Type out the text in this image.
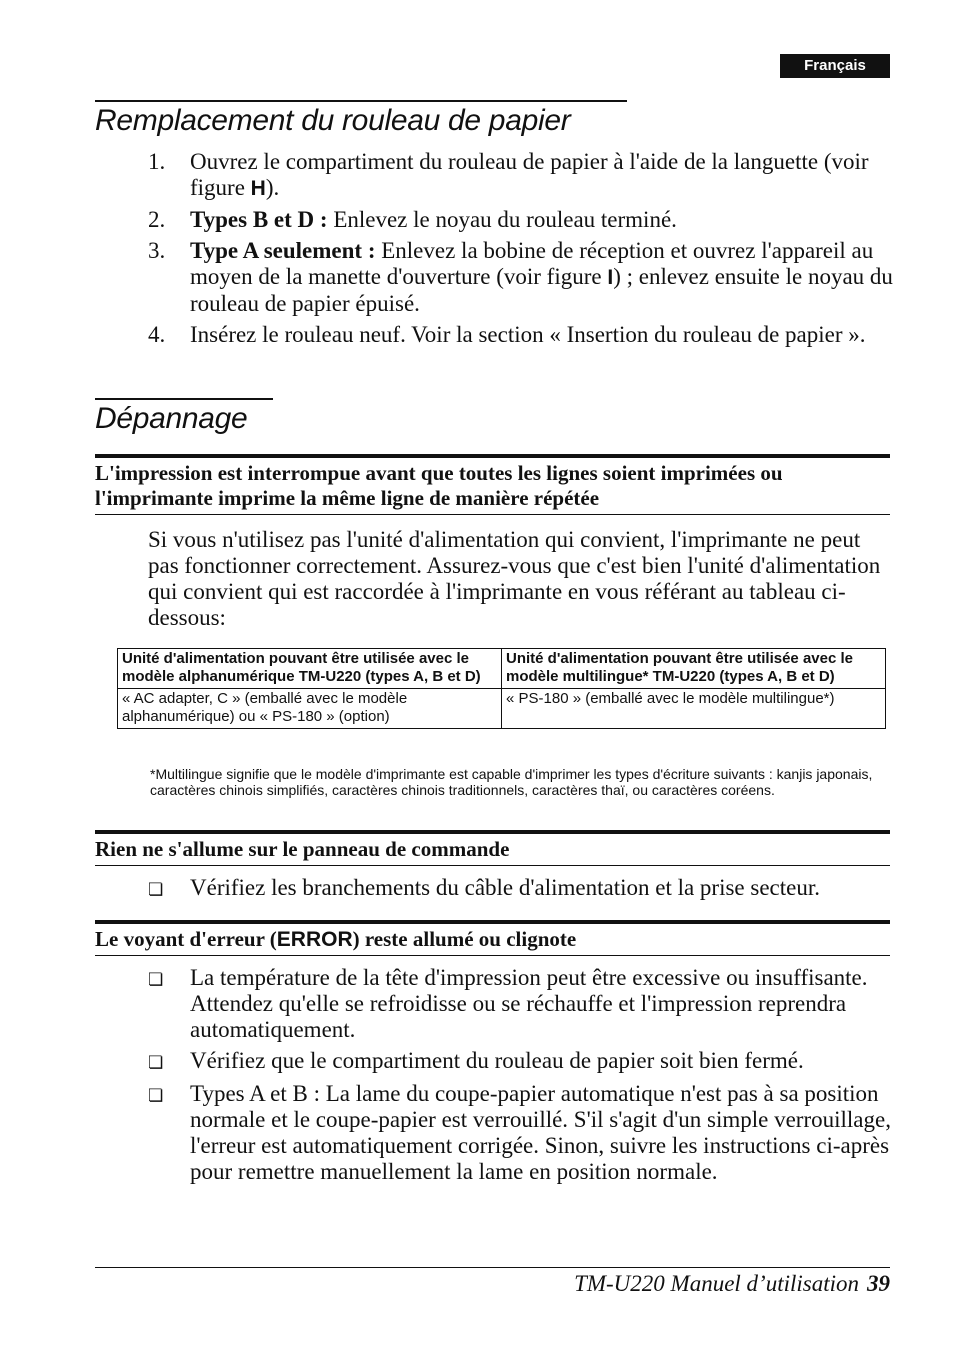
Français
Remplacement du rouleau de papier
1.	Ouvrez le compartiment du rouleau de papier à l'aide de la languette (voir figure H).
2.	Types B et D : Enlevez le noyau du rouleau terminé.
3.	Type A seulement : Enlevez la bobine de réception et ouvrez l'appareil au moyen de la manette d'ouverture (voir figure I) ; enlevez ensuite le noyau du rouleau de papier épuisé.
4.	Insérez le rouleau neuf. Voir la section « Insertion du rouleau de papier ».
Dépannage
L'impression est interrompue avant que toutes les lignes soient imprimées ou l'imprimante imprime la même ligne de manière répétée
Si vous n'utilisez pas l'unité d'alimentation qui convient, l'imprimante ne peut pas fonctionner correctement. Assurez-vous que c'est bien l'unité d'alimentation qui convient qui est raccordée à l'imprimante en vous référant au tableau ci-dessous:
Unité d'alimentation pouvant être utilisée avec le modèle alphanumérique TM-U220 (types A, B et D)	Unité d'alimentation pouvant être utilisée avec le modèle multilingue* TM-U220 (types A, B et D)
« AC adapter, C » (emballé avec le modèle alphanumérique) ou « PS-180 » (option)	« PS-180 » (emballé avec le modèle multilingue*)
*Multilingue signifie que le modèle d'imprimante est capable d'imprimer les types d'écriture suivants : kanjis japonais, caractères chinois simplifiés, caractères chinois traditionnels, caractères thaï, ou caractères coréens.
Rien ne s'allume sur le panneau de commande
❏	Vérifiez les branchements du câble d'alimentation et la prise secteur.
Le voyant d'erreur (ERROR) reste allumé ou clignote
❏	La température de la tête d'impression peut être excessive ou insuffisante. Attendez qu'elle se refroidisse ou se réchauffe et l'impression reprendra automatiquement.
❏	Vérifiez que le compartiment du rouleau de papier soit bien fermé.
❏	Types A et B : La lame du coupe-papier automatique n'est pas à sa position normale et le coupe-papier est verrouillé. S'il s'agit d'un simple verrouillage, l'erreur est automatiquement corrigée. Sinon, suivre les instructions ci-après pour remettre manuellement la lame en position normale.
TM-U220 Manuel d’utilisation 39
